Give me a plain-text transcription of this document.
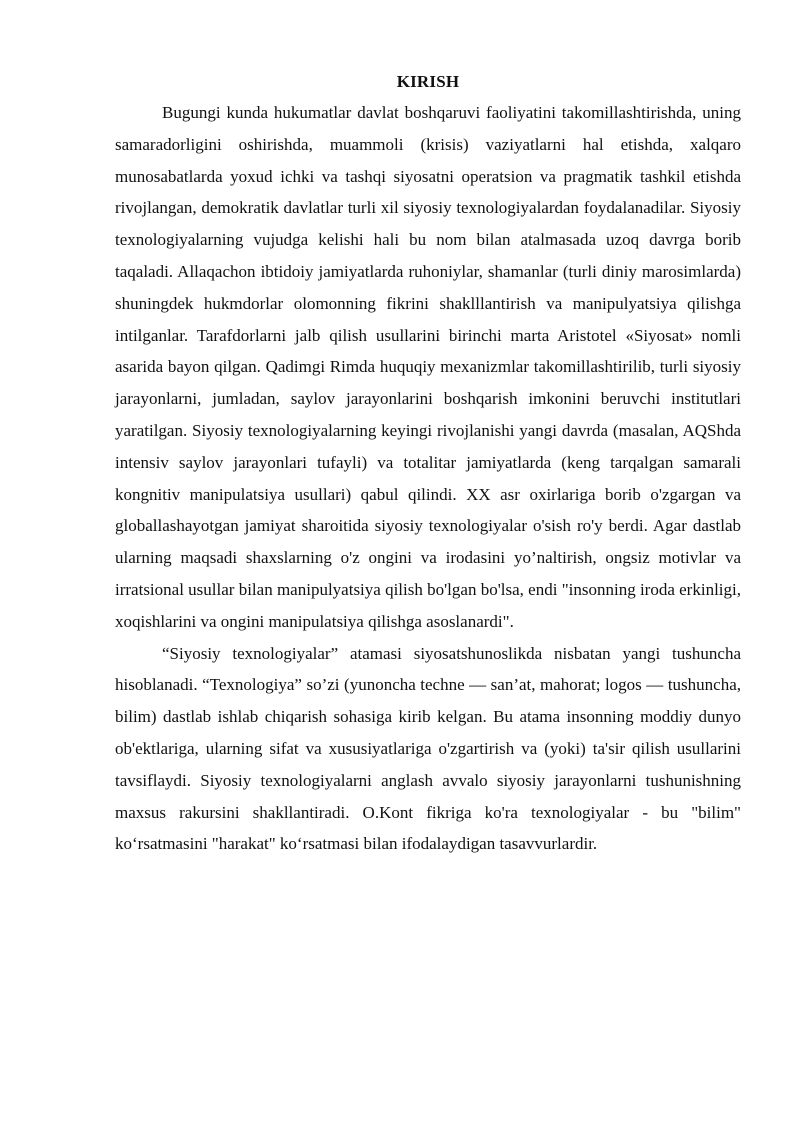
KIRISH

Bugungi kunda hukumatlar davlat boshqaruvi faoliyatini takomillashtirishda, uning samaradorligini oshirishda, muammoli (krisis) vaziyatlarni hal etishda, xalqaro munosabatlarda yoxud ichki va tashqi siyosatni operatsion va pragmatik tashkil etishda rivojlangan, demokratik davlatlar turli xil siyosiy texnologiyalardan foydalanadilar. Siyosiy texnologiyalarning vujudga kelishi hali bu nom bilan atalmasada uzoq davrga borib taqaladi. Allaqachon ibtidoiy jamiyatlarda ruhoniylar, shamanlar (turli diniy marosimlarda) shuningdek hukmdorlar olomonning fikrini shaklllantirish va manipulyatsiya qilishga intilganlar. Tarafdorlarni jalb qilish usullarini birinchi marta Aristotel «Siyosat» nomli asarida bayon qilgan. Qadimgi Rimda huquqiy mexanizmlar takomillashtirilib, turli siyosiy jarayonlarni, jumladan, saylov jarayonlarini boshqarish imkonini beruvchi institutlari yaratilgan. Siyosiy texnologiyalarning keyingi rivojlanishi yangi davrda (masalan, AQShda intensiv saylov jarayonlari tufayli) va totalitar jamiyatlarda (keng tarqalgan samarali kongnitiv manipulatsiya usullari) qabul qilindi. XX asr oxirlariga borib o'zgargan va globallashayotgan jamiyat sharoitida siyosiy texnologiyalar o'sish ro'y berdi. Agar dastlab ularning maqsadi shaxslarning o'z ongini va irodasini yo’naltirish, ongsiz motivlar va irratsional usullar bilan manipulyatsiya qilish bo'lgan bo'lsa, endi "insonning iroda erkinligi, xoqishlarini va ongini manipulatsiya qilishga asoslanardi".

“Siyosiy texnologiyalar” atamasi siyosatshunoslikda nisbatan yangi tushuncha hisoblanadi. “Texnologiya” so’zi (yunoncha techne — san’at, mahorat; logos — tushuncha, bilim) dastlab ishlab chiqarish sohasiga kirib kelgan. Bu atama insonning moddiy dunyo ob'ektlariga, ularning sifat va xususiyatlariga o'zgartirish va (yoki) ta'sir qilish usullarini tavsiflaydi. Siyosiy texnologiyalarni anglash avvalo siyosiy jarayonlarni tushunishning maxsus rakursini shakllantiradi. O.Kont fikriga ko'ra texnologiyalar - bu "bilim" ko‘rsatmasini "harakat" ko‘rsatmasi bilan ifodalaydigan tasavvurlardir.
